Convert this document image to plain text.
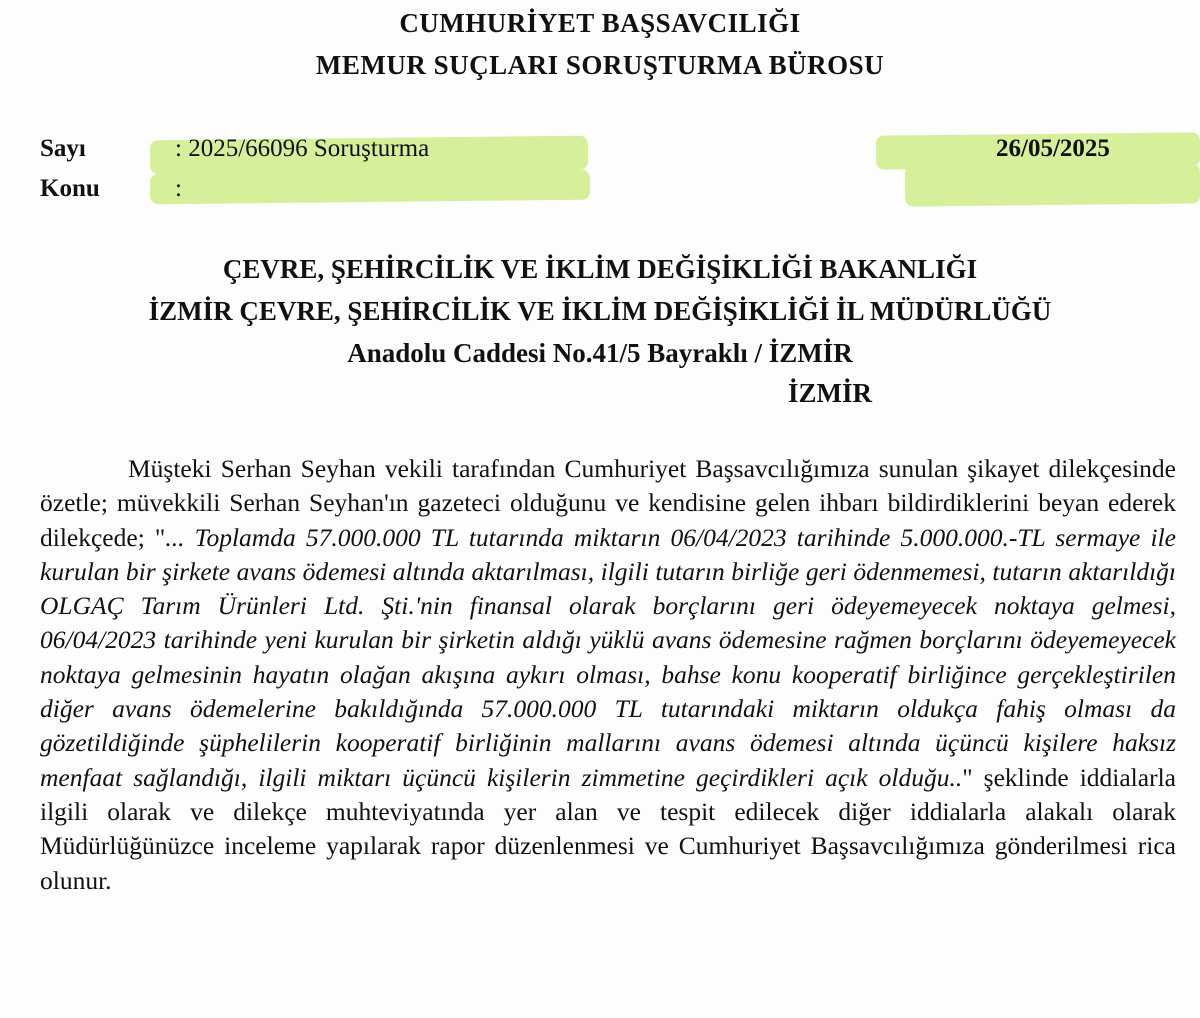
CUMHURİYET BAŞSAVCILIĞI
MEMUR SUÇLARI SORUŞTURMA BÜROSU
Sayı	: 2025/66096 Soruşturma
Konu	:
26/05/2025
ÇEVRE, ŞEHİRCİLİK VE İKLİM DEĞİŞİKLİĞİ BAKANLIĞI
İZMİR ÇEVRE, ŞEHİRCİLİK VE İKLİM DEĞİŞİKLİĞİ İL MÜDÜRLÜĞÜ
Anadolu Caddesi No.41/5 Bayraklı / İZMİR
İZMİR
Müşteki Serhan Seyhan vekili tarafından Cumhuriyet Başsavcılığımıza sunulan şikayet dilekçesinde özetle; müvekkili Serhan Seyhan'ın gazeteci olduğunu ve kendisine gelen ihbarı bildirdiklerini beyan ederek dilekçede; "... Toplamda 57.000.000 TL tutarında miktarın 06/04/2023 tarihinde 5.000.000.-TL sermaye ile kurulan bir şirkete avans ödemesi altında aktarılması, ilgili tutarın birliğe geri ödenmemesi, tutarın aktarıldığı OLGAÇ Tarım Ürünleri Ltd. Şti.'nin finansal olarak borçlarını geri ödeyemeyecek noktaya gelmesi, 06/04/2023 tarihinde yeni kurulan bir şirketin aldığı yüklü avans ödemesine rağmen borçlarını ödeyemeyecek noktaya gelmesinin hayatın olağan akışına aykırı olması, bahse konu kooperatif birliğince gerçekleştirilen diğer avans ödemelerine bakıldığında 57.000.000 TL tutarındaki miktarın oldukça fahiş olması da gözetildiğinde şüphelilerin kooperatif birliğinin mallarını avans ödemesi altında üçüncü kişilere haksız menfaat sağlandığı, ilgili miktarı üçüncü kişilerin zimmetine geçirdikleri açık olduğu.." şeklinde iddialarla ilgili olarak ve dilekçe muhteviyatında yer alan ve tespit edilecek diğer iddialarla alakalı olarak Müdürlüğünüzce inceleme yapılarak rapor düzenlenmesi ve Cumhuriyet Başsavcılığımıza gönderilmesi rica olunur.
